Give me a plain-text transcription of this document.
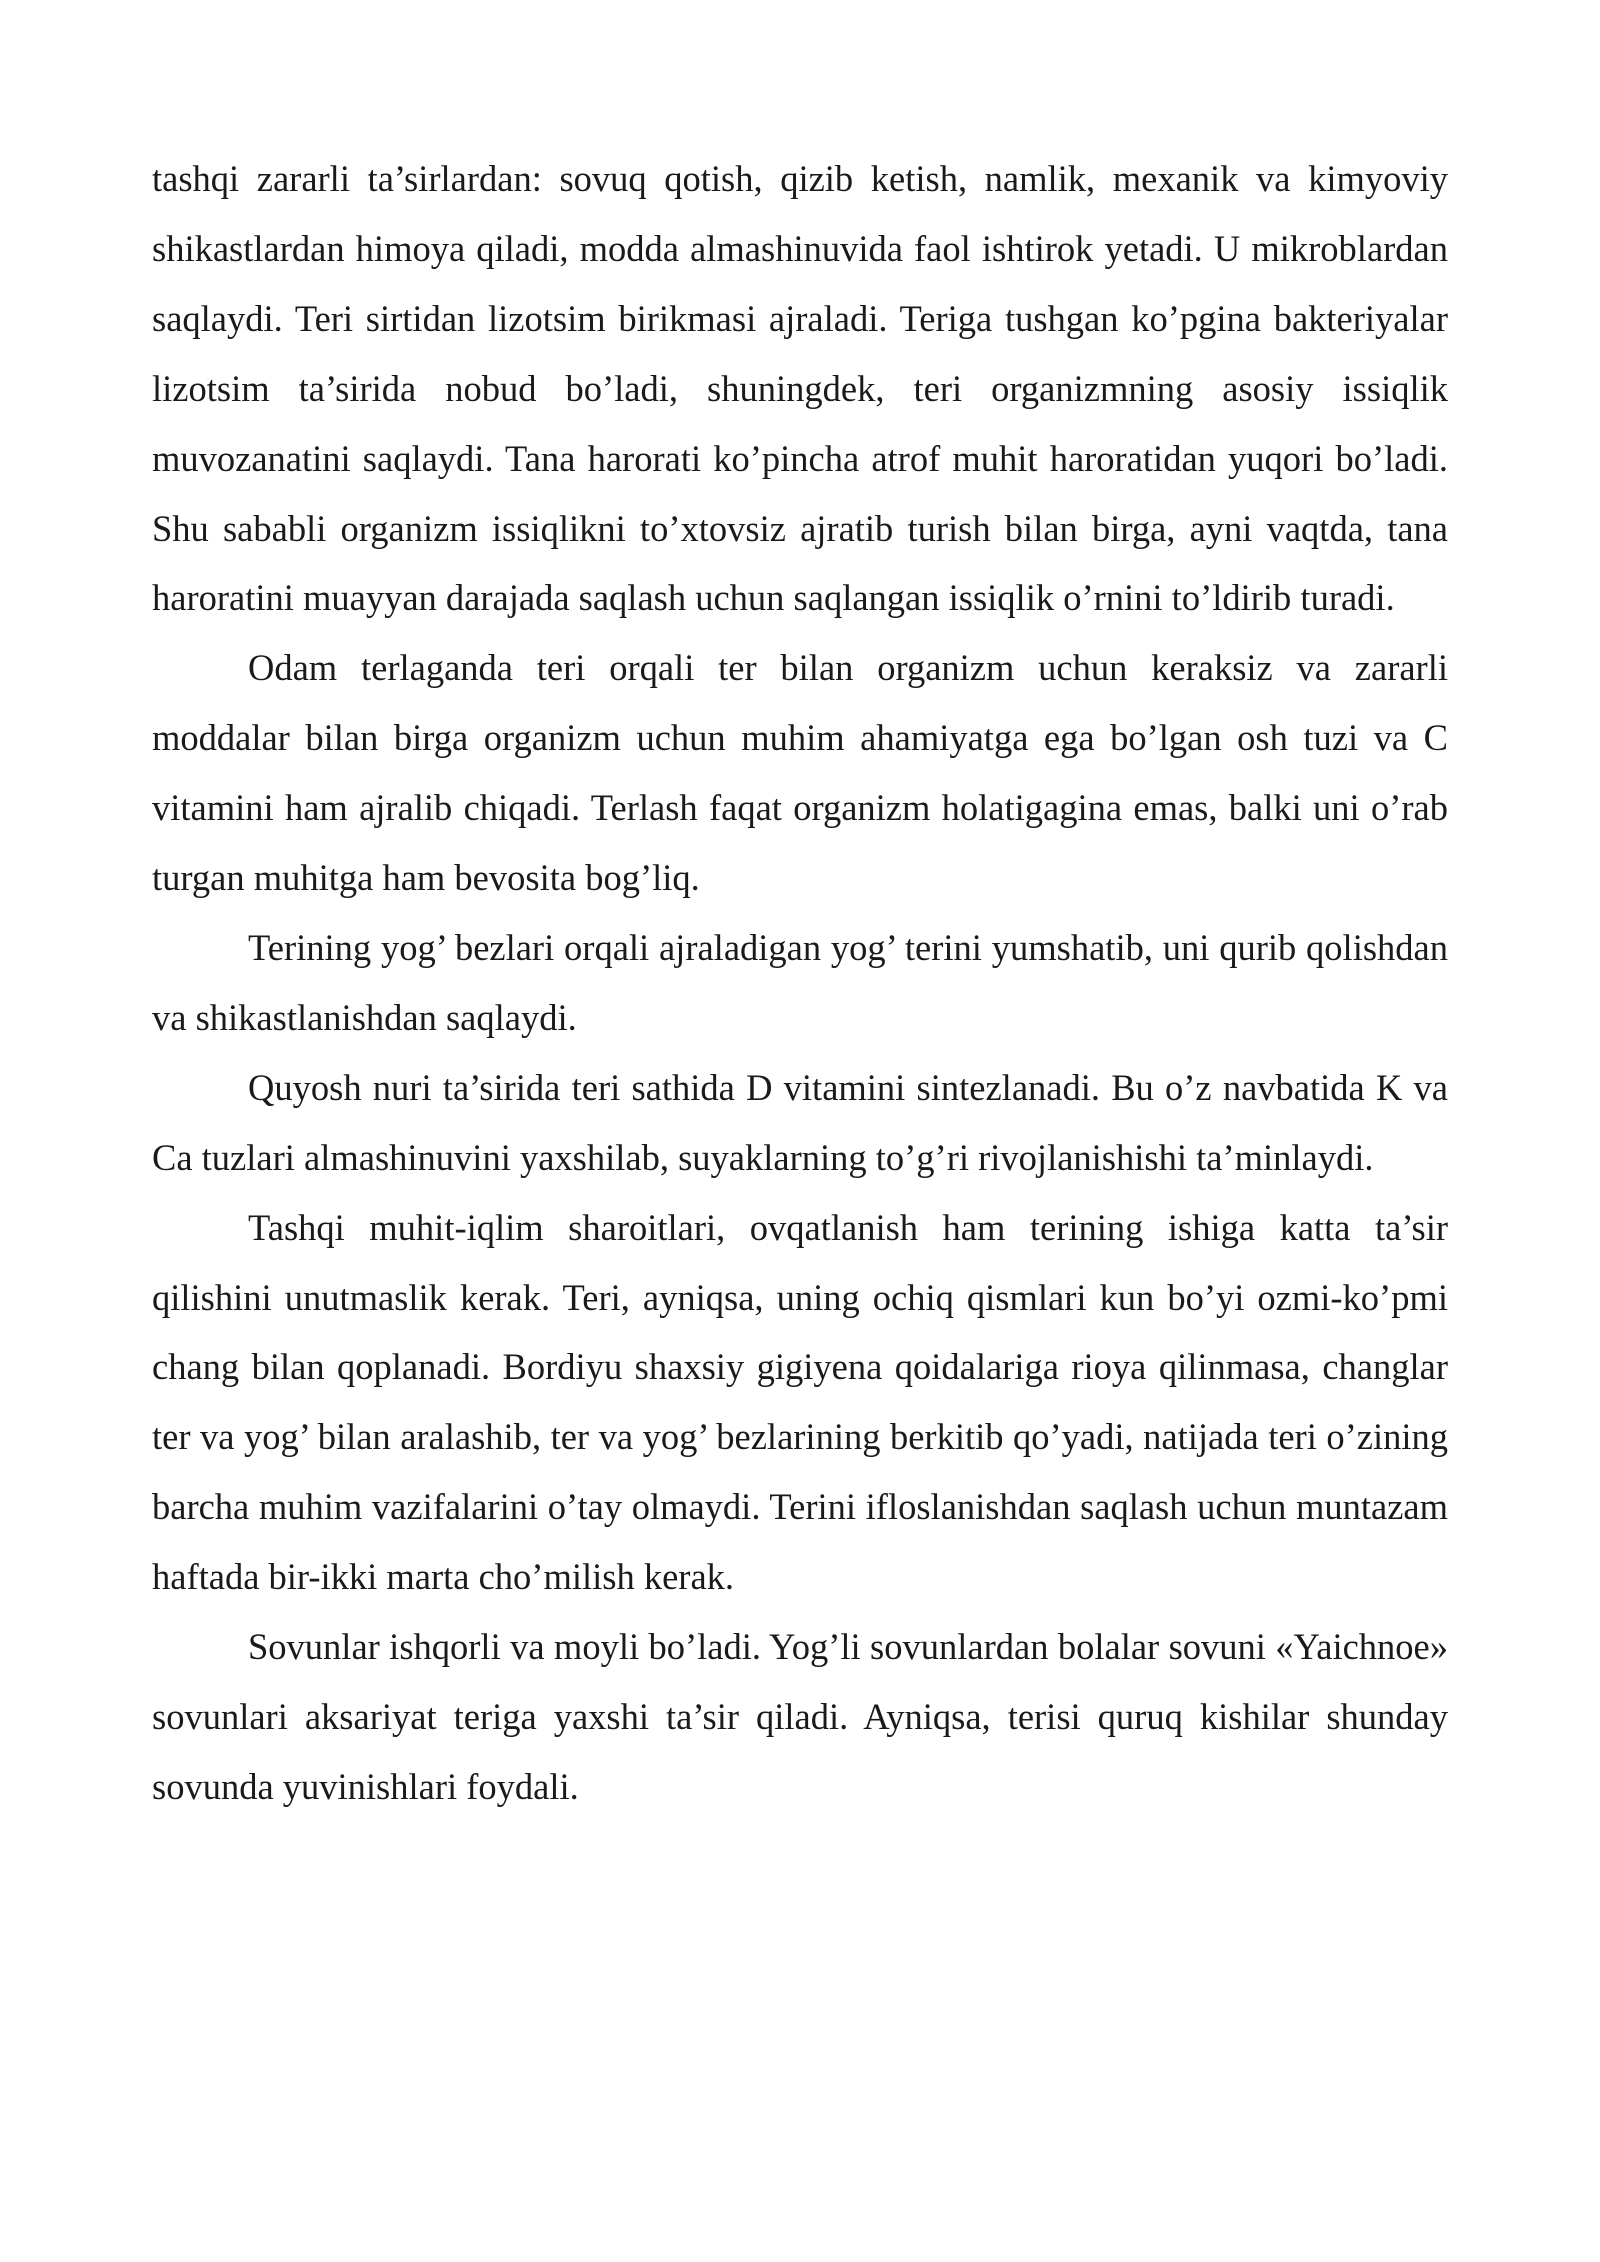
tashqi zararli ta’sirlardan: sovuq qotish, qizib ketish, namlik, mexanik va kimyoviy shikastlardan himoya qiladi, modda almashinuvida faol ishtirok yetadi. U mikroblardan saqlaydi. Teri sirtidan lizotsim birikmasi ajraladi. Teriga tushgan ko’pgina bakteriyalar lizotsim ta’sirida nobud bo’ladi, shuningdek, teri organizmning asosiy issiqlik muvozanatini saqlaydi. Tana harorati ko’pincha atrof muhit haroratidan yuqori bo’ladi. Shu sababli organizm issiqlikni to’xtovsiz ajratib turish bilan birga, ayni vaqtda, tana haroratini muayyan darajada saqlash uchun saqlangan issiqlik o’rnini to’ldirib turadi.

Odam terlaganda teri orqali ter bilan organizm uchun keraksiz va zararli moddalar bilan birga organizm uchun muhim ahamiyatga ega bo’lgan osh tuzi va C vitamini ham ajralib chiqadi. Terlash faqat organizm holatigagina emas, balki uni o’rab turgan muhitga ham bevosita bog’liq.

Terining yog’ bezlari orqali ajraladigan yog’ terini yumshatib, uni qurib qolishdan va shikastlanishdan saqlaydi.

Quyosh nuri ta’sirida teri sathida D vitamini sintezlanadi. Bu o’z navbatida K va Ca tuzlari almashinuvini yaxshilab, suyaklarning to’g’ri rivojlanishishi ta’minlaydi.

Tashqi muhit-iqlim sharoitlari, ovqatlanish ham terining ishiga katta ta’sir qilishini unutmaslik kerak. Teri, ayniqsa, uning ochiq qismlari kun bo’yi ozmi-ko’pmi chang bilan qoplanadi. Bordiyu shaxsiy gigiyena qoidalariga rioya qilinmasa, changlar ter va yog’ bilan aralashib, ter va yog’ bezlarining berkitib qo’yadi, natijada teri o’zining barcha muhim vazifalarini o’tay olmaydi. Terini ifloslanishdan saqlash uchun muntazam haftada bir-ikki marta cho’milish kerak.

Sovunlar ishqorli va moyli bo’ladi. Yog’li sovunlardan bolalar sovuni «Yaichnoe» sovunlari aksariyat teriga yaxshi ta’sir qiladi. Ayniqsa, terisi quruq kishilar shunday sovunda yuvinishlari foydali.
